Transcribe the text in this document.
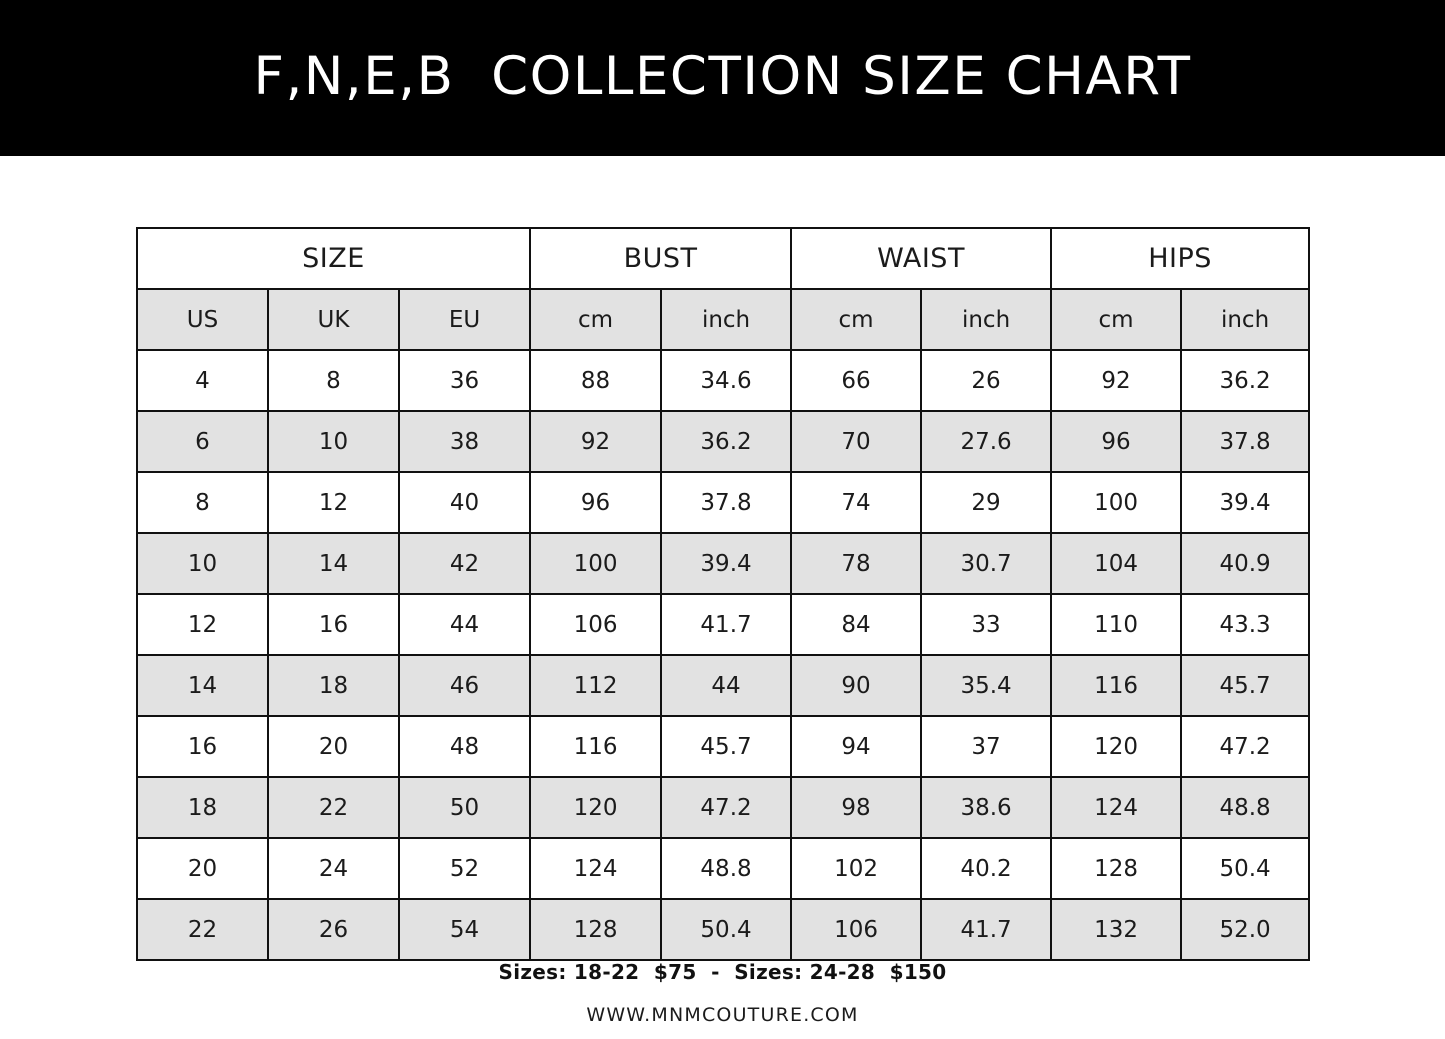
F,N,E,B  COLLECTION SIZE CHART
SIZE			BUST		WAIST		HIPS	
US	UK	EU	cm	inch	cm	inch	cm	inch
4	8	36	88	34.6	66	26	92	36.2
6	10	38	92	36.2	70	27.6	96	37.8
8	12	40	96	37.8	74	29	100	39.4
10	14	42	100	39.4	78	30.7	104	40.9
12	16	44	106	41.7	84	33	110	43.3
14	18	46	112	44	90	35.4	116	45.7
16	20	48	116	45.7	94	37	120	47.2
18	22	50	120	47.2	98	38.6	124	48.8
20	24	52	124	48.8	102	40.2	128	50.4
22	26	54	128	50.4	106	41.7	132	52.0
Sizes: 18-22  $75  -  Sizes: 24-28  $150
WWW.MNMCOUTURE.COM
